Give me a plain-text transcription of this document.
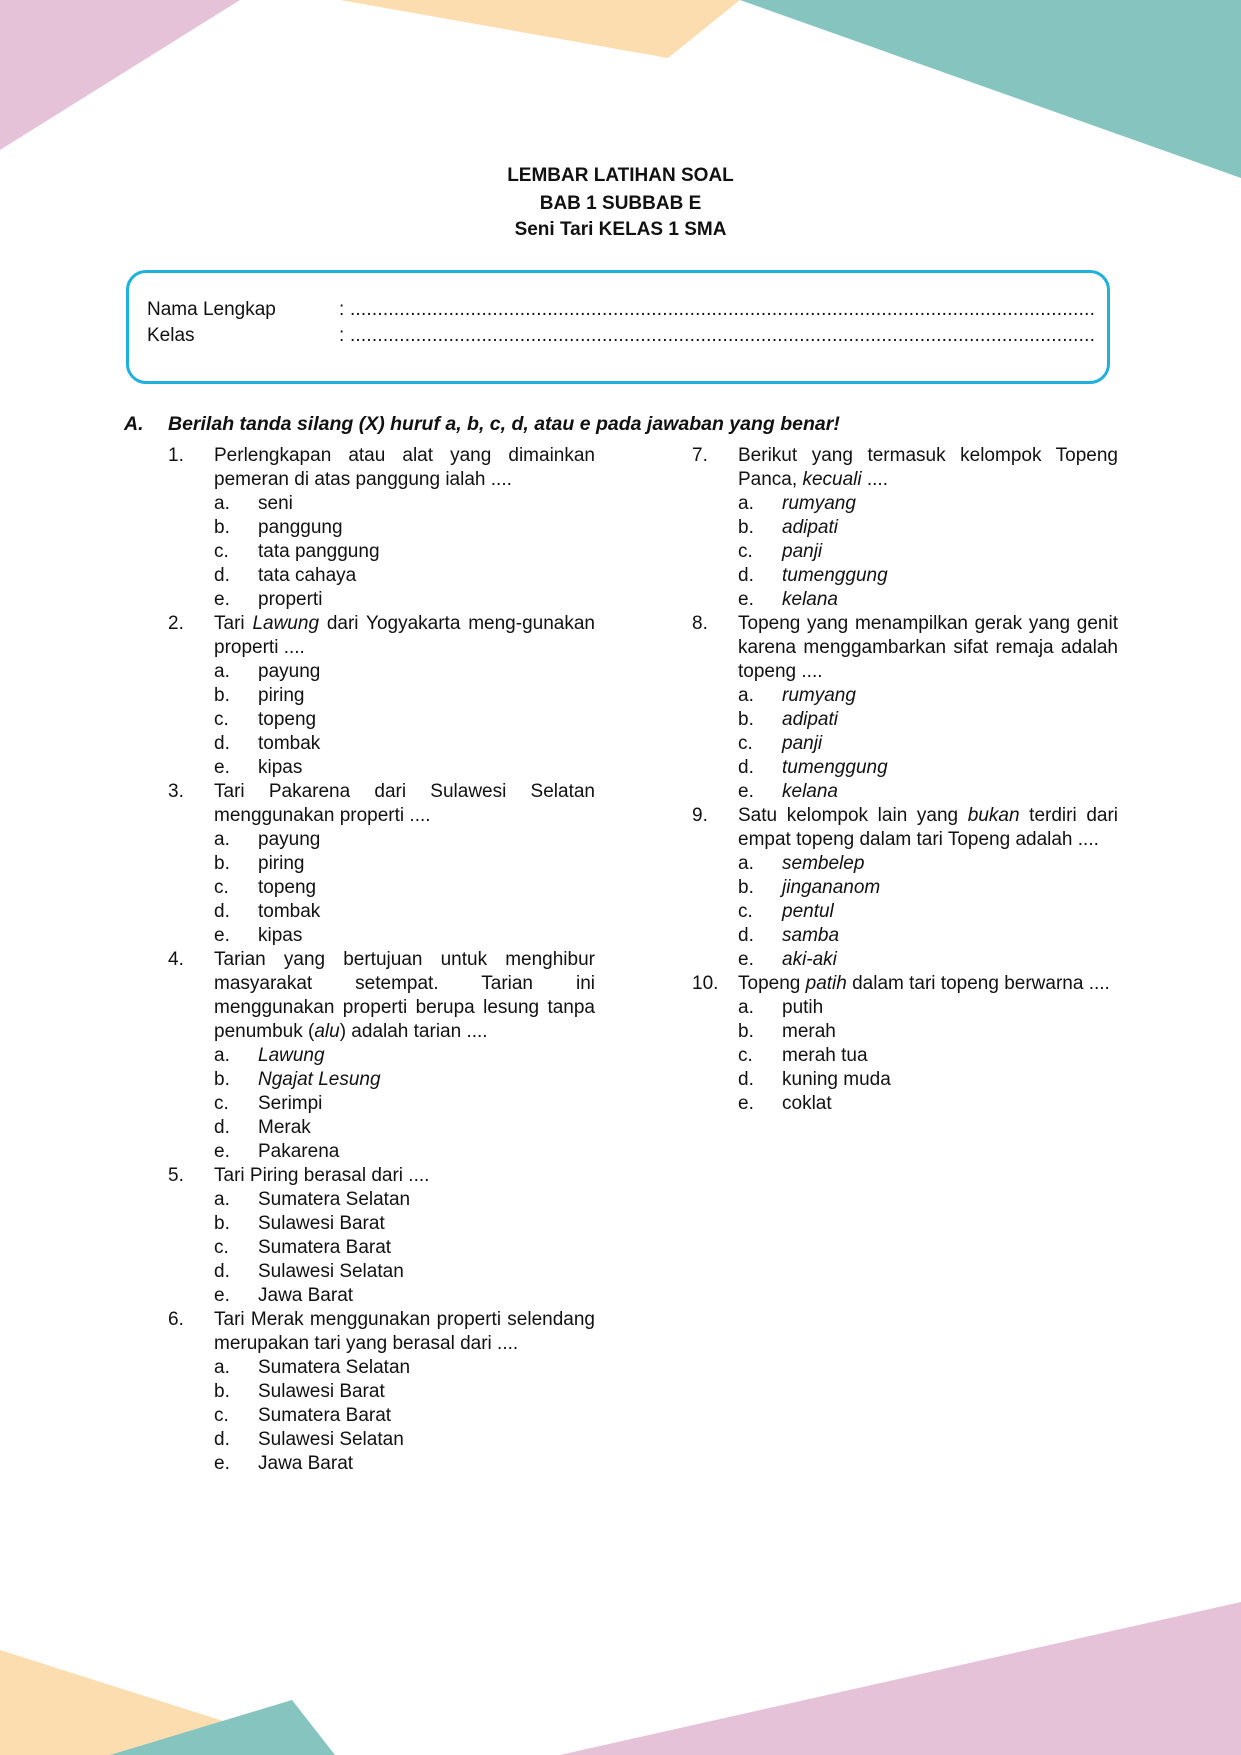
LEMBAR LATIHAN SOAL
BAB 1 SUBBAB E
Seni Tari KELAS 1 SMA
Nama Lengkap	: ........................................................................................................................................
Kelas	: ........................................................................................................................................
A. Berilah tanda silang (X) huruf a, b, c, d, atau e pada jawaban yang benar!
1.	Perlengkapan atau alat yang dimainkan pemeran di atas panggung ialah ....
a.	seni
b.	panggung
c.	tata panggung
d.	tata cahaya
e.	properti
2.	Tari Lawung dari Yogyakarta meng-gunakan properti ....
a.	payung
b.	piring
c.	topeng
d.	tombak
e.	kipas
3.	Tari Pakarena dari Sulawesi Selatan menggunakan properti ....
a.	payung
b.	piring
c.	topeng
d.	tombak
e.	kipas
4.	Tarian yang bertujuan untuk menghibur masyarakat setempat. Tarian ini menggunakan properti berupa lesung tanpa penumbuk (alu) adalah tarian ....
a.	Lawung
b.	Ngajat Lesung
c.	Serimpi
d.	Merak
e.	Pakarena
5.	Tari Piring berasal dari ....
a.	Sumatera Selatan
b.	Sulawesi Barat
c.	Sumatera Barat
d.	Sulawesi Selatan
e.	Jawa Barat
6.	Tari Merak menggunakan properti selendang merupakan tari yang berasal dari ....
a.	Sumatera Selatan
b.	Sulawesi Barat
c.	Sumatera Barat
d.	Sulawesi Selatan
e.	Jawa Barat
7.	Berikut yang termasuk kelompok Topeng Panca, kecuali ....
a.	rumyang
b.	adipati
c.	panji
d.	tumenggung
e.	kelana
8.	Topeng yang menampilkan gerak yang genit karena menggambarkan sifat remaja adalah topeng ....
a.	rumyang
b.	adipati
c.	panji
d.	tumenggung
e.	kelana
9.	Satu kelompok lain yang bukan terdiri dari empat topeng dalam tari Topeng adalah ....
a.	sembelep
b.	jingananom
c.	pentul
d.	samba
e.	aki-aki
10.	Topeng patih dalam tari topeng berwarna ....
a.	putih
b.	merah
c.	merah tua
d.	kuning muda
e.	coklat
